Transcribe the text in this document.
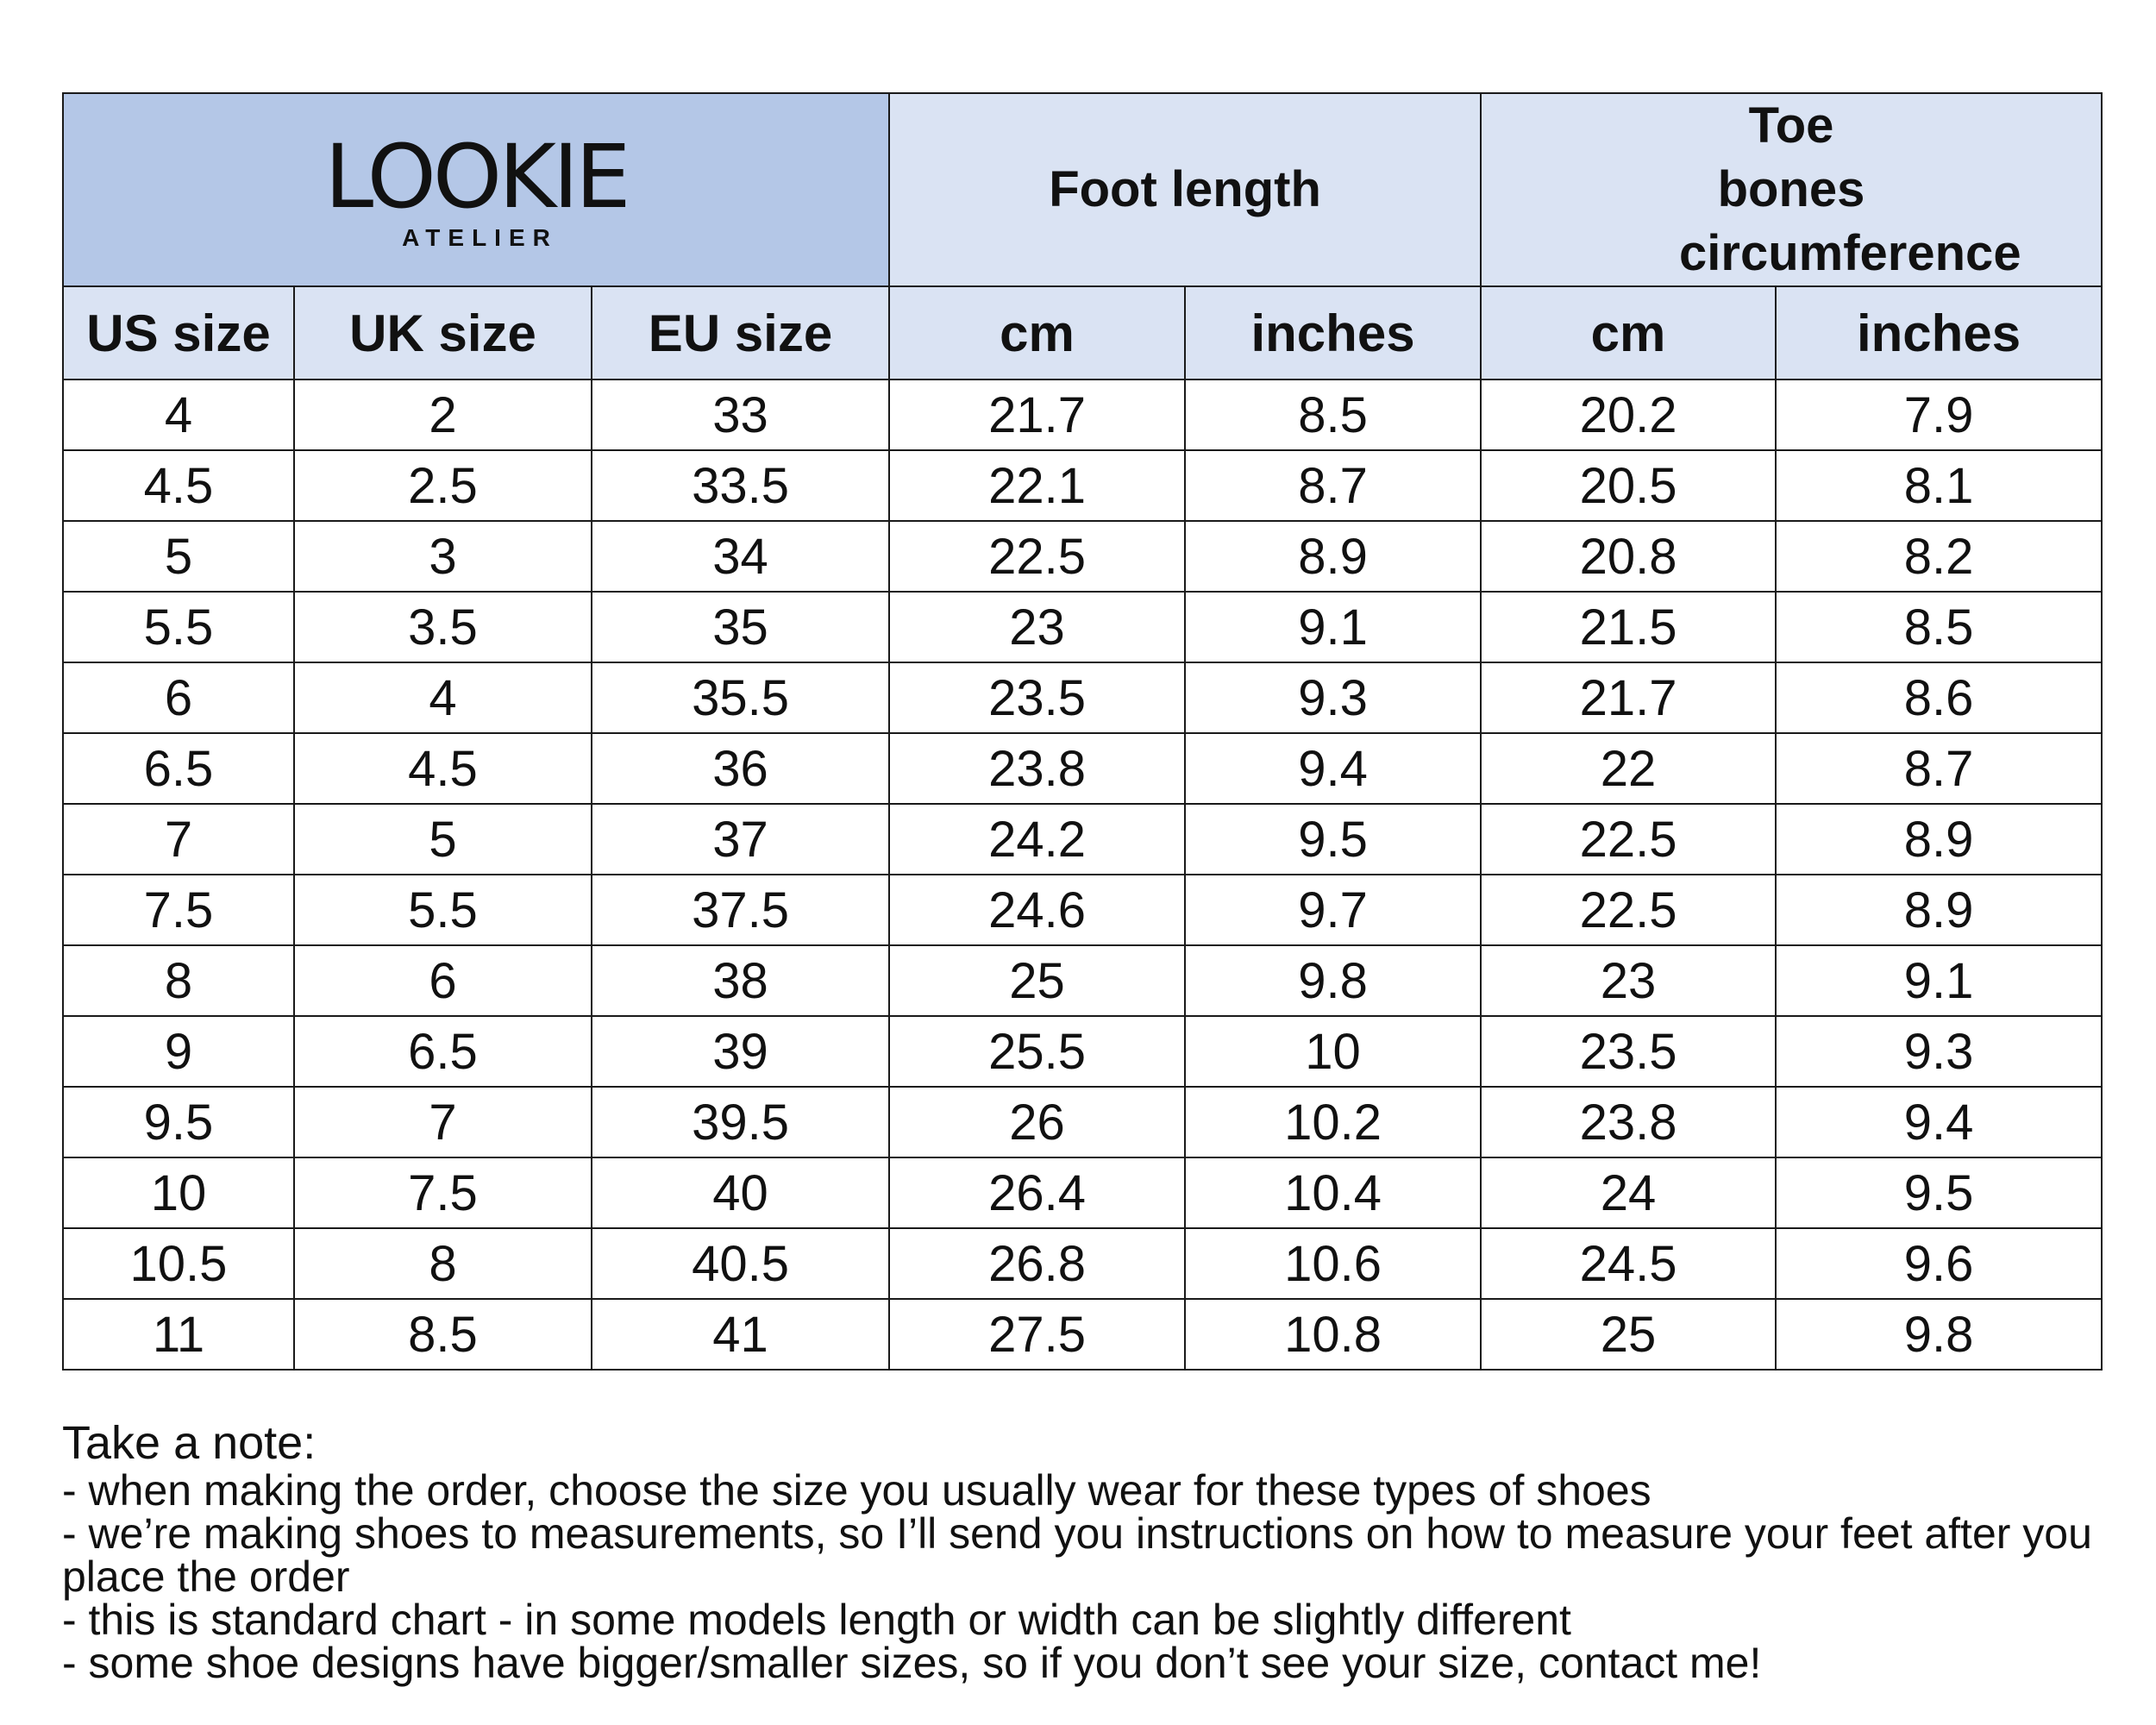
LOOKIE
ATELIER			Foot length		Toe bones circumference	
US size	UK size	EU size	cm	inches	cm	inches
4	2	33	21.7	8.5	20.2	7.9
4.5	2.5	33.5	22.1	8.7	20.5	8.1
5	3	34	22.5	8.9	20.8	8.2
5.5	3.5	35	23	9.1	21.5	8.5
6	4	35.5	23.5	9.3	21.7	8.6
6.5	4.5	36	23.8	9.4	22	8.7
7	5	37	24.2	9.5	22.5	8.9
7.5	5.5	37.5	24.6	9.7	22.5	8.9
8	6	38	25	9.8	23	9.1
9	6.5	39	25.5	10	23.5	9.3
9.5	7	39.5	26	10.2	23.8	9.4
10	7.5	40	26.4	10.4	24	9.5
10.5	8	40.5	26.8	10.6	24.5	9.6
11	8.5	41	27.5	10.8	25	9.8
Take a note:

- when making the order, choose the size you usually wear for these types of shoes

- we’re making shoes to measurements, so I’ll send you instructions on how to measure your feet after you place the order

- this is standard chart - in some models length or width can be slightly different

- some shoe designs have bigger/smaller sizes, so if you don’t see your size, contact me!
